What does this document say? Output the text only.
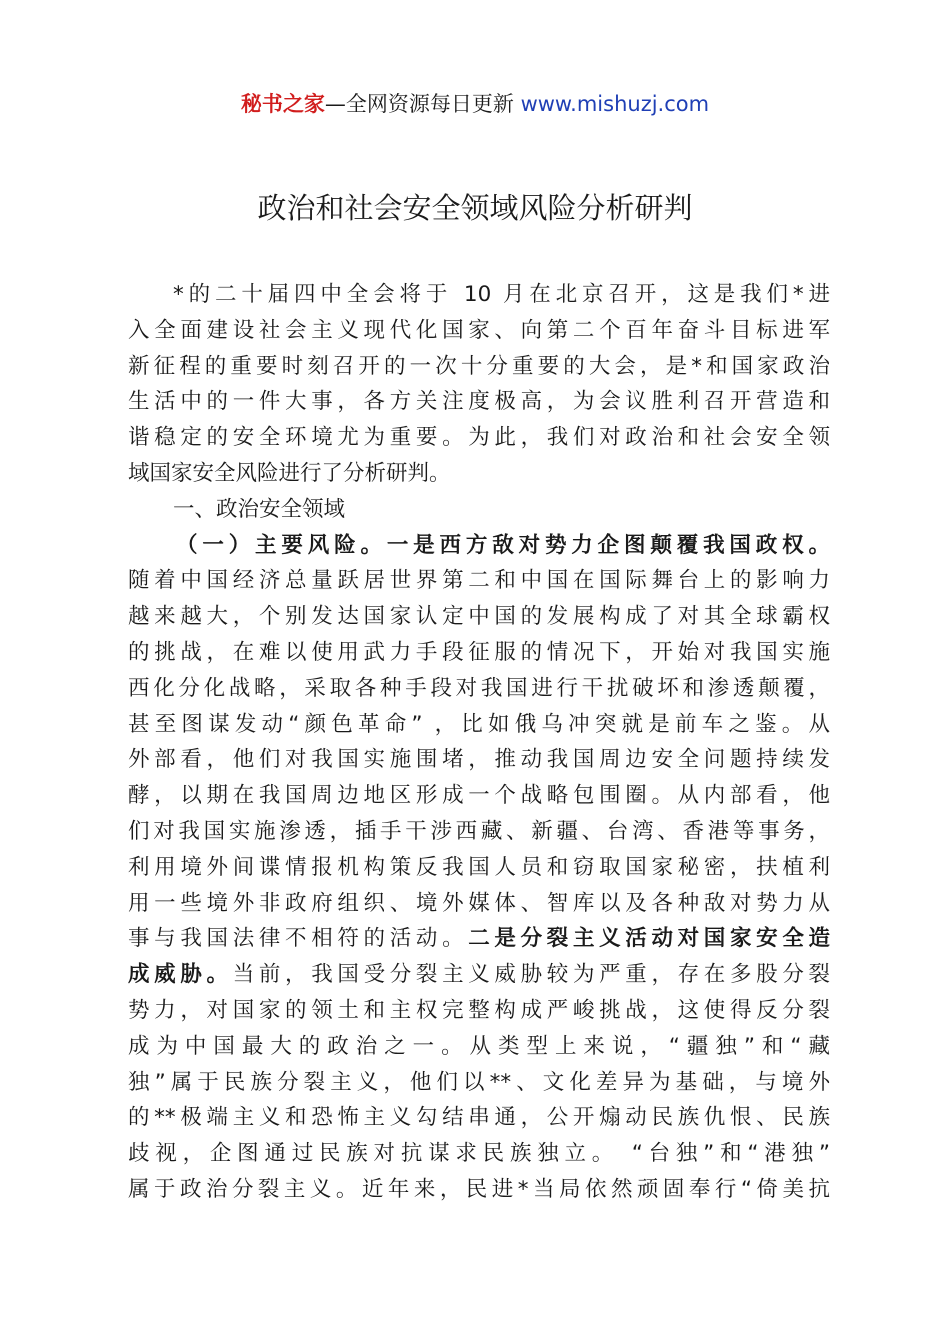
秘书之家—全网资源每日更新 www.mishuzj.com
政治和社会安全领域风险分析研判
*的二十届四中全会将于 10 月在北京召开，这是我们*进
入全面建设社会主义现代化国家、向第二个百年奋斗目标进军
新征程的重要时刻召开的一次十分重要的大会，是*和国家政治
生活中的一件大事，各方关注度极高，为会议胜利召开营造和
谐稳定的安全环境尤为重要。为此，我们对政治和社会安全领
域国家安全风险进行了分析研判。
一、政治安全领域
（一）主要风险。一是西方敌对势力企图颠覆我国政权。
随着中国经济总量跃居世界第二和中国在国际舞台上的影响力
越来越大，个别发达国家认定中国的发展构成了对其全球霸权
的挑战，在难以使用武力手段征服的情况下，开始对我国实施
西化分化战略，采取各种手段对我国进行干扰破坏和渗透颠覆，
甚至图谋发动“颜色革命” ，比如俄乌冲突就是前车之鉴。从
外部看，他们对我国实施围堵，推动我国周边安全问题持续发
酵，以期在我国周边地区形成一个战略包围圈。从内部看，他
们对我国实施渗透，插手干涉西藏、新疆、台湾、香港等事务，
利用境外间谍情报机构策反我国人员和窃取国家秘密，扶植利
用一些境外非政府组织、境外媒体、智库以及各种敌对势力从
事与我国法律不相符的活动。二是分裂主义活动对国家安全造
成威胁。当前，我国受分裂主义威胁较为严重，存在多股分裂
势力，对国家的领土和主权完整构成严峻挑战，这使得反分裂
成为中国最大的政治之一。从类型上来说，“疆独”和“藏
独”属于民族分裂主义，他们以**、文化差异为基础，与境外
的**极端主义和恐怖主义勾结串通，公开煽动民族仇恨、民族
歧视，企图通过民族对抗谋求民族独立。 “台独”和“港独”
属于政治分裂主义。近年来，民进*当局依然顽固奉行“倚美抗
